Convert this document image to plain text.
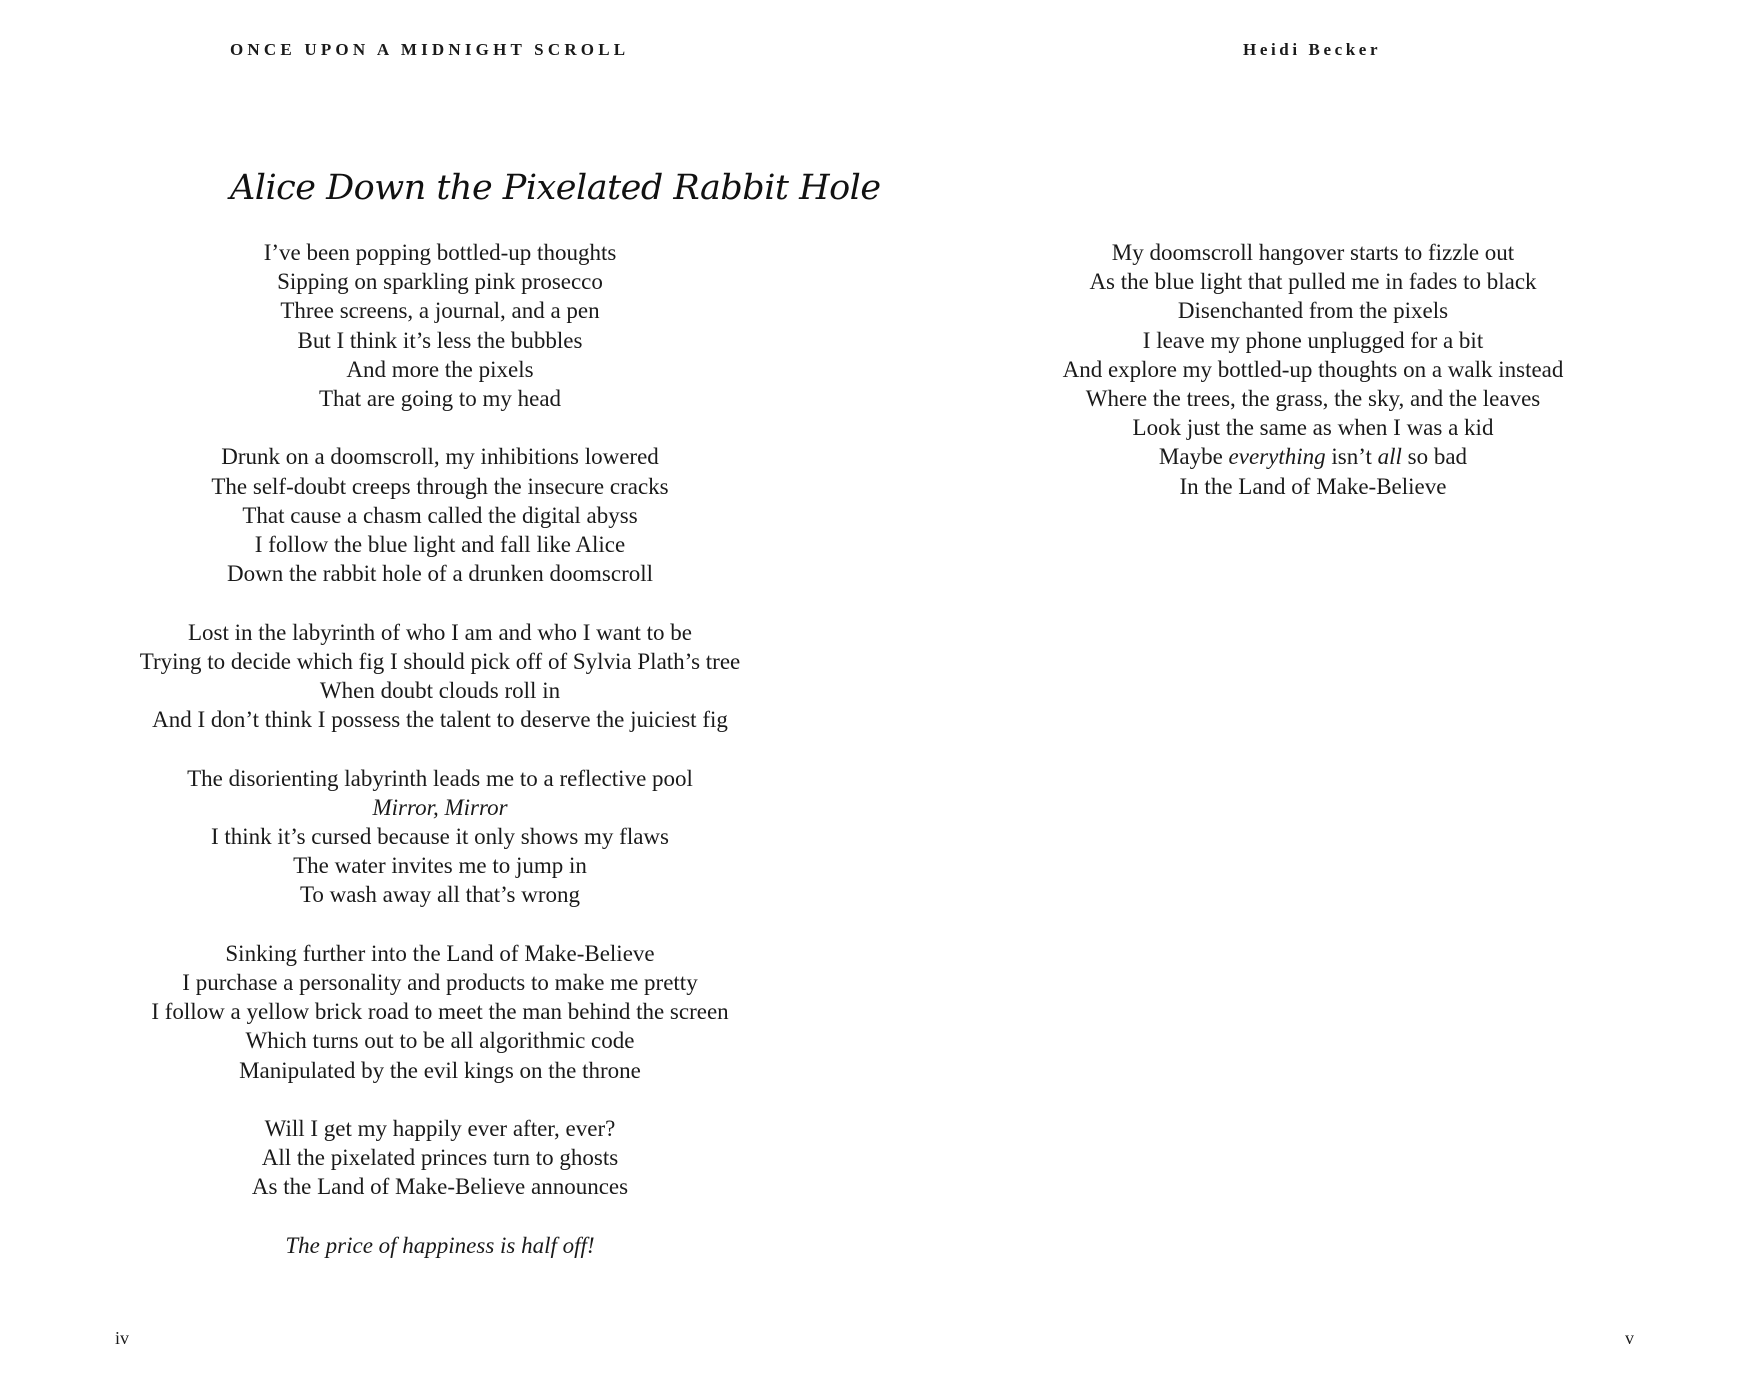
ONCE UPON A MIDNIGHT SCROLL
Alice Down the Pixelated Rabbit Hole
I’ve been popping bottled-up thoughts
Sipping on sparkling pink prosecco
Three screens, a journal, and a pen
But I think it’s less the bubbles
And more the pixels
That are going to my head
Drunk on a doomscroll, my inhibitions lowered
The self-doubt creeps through the insecure cracks
That cause a chasm called the digital abyss
I follow the blue light and fall like Alice
Down the rabbit hole of a drunken doomscroll
Lost in the labyrinth of who I am and who I want to be
Trying to decide which fig I should pick off of Sylvia Plath’s tree
When doubt clouds roll in
And I don’t think I possess the talent to deserve the juiciest fig
The disorienting labyrinth leads me to a reflective pool
Mirror, Mirror
I think it’s cursed because it only shows my flaws
The water invites me to jump in
To wash away all that’s wrong
Sinking further into the Land of Make-Believe
I purchase a personality and products to make me pretty
I follow a yellow brick road to meet the man behind the screen
Which turns out to be all algorithmic code
Manipulated by the evil kings on the throne
Will I get my happily ever after, ever?
All the pixelated princes turn to ghosts
As the Land of Make-Believe announces
The price of happiness is half off!
iv
Heidi Becker
My doomscroll hangover starts to fizzle out
As the blue light that pulled me in fades to black
Disenchanted from the pixels
I leave my phone unplugged for a bit
And explore my bottled-up thoughts on a walk instead
Where the trees, the grass, the sky, and the leaves
Look just the same as when I was a kid
Maybe everything isn’t all so bad
In the Land of Make-Believe
v
